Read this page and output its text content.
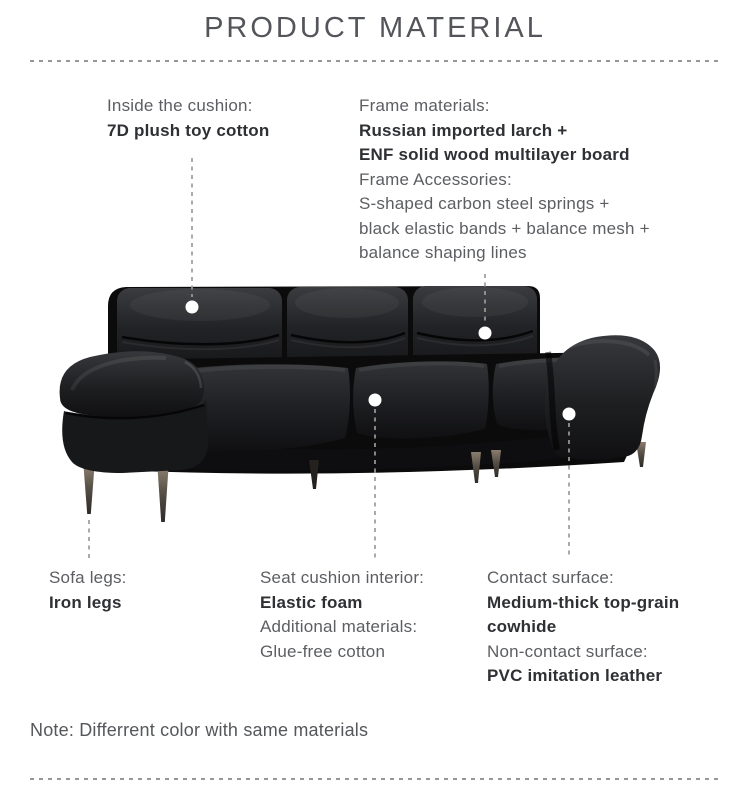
PRODUCT MATERIAL
Inside the cushion:
7D plush toy cotton
Frame materials:
Russian imported larch +
ENF solid wood multilayer board
Frame Accessories:
S-shaped carbon steel springs +
black elastic bands + balance mesh +
balance shaping lines
Sofa legs:
Iron legs
Seat cushion interior:
Elastic foam
Additional materials:
Glue-free cotton
Contact surface:
Medium-thick top-grain
cowhide
Non-contact surface:
PVC imitation leather
Note: Differrent color with same materials
